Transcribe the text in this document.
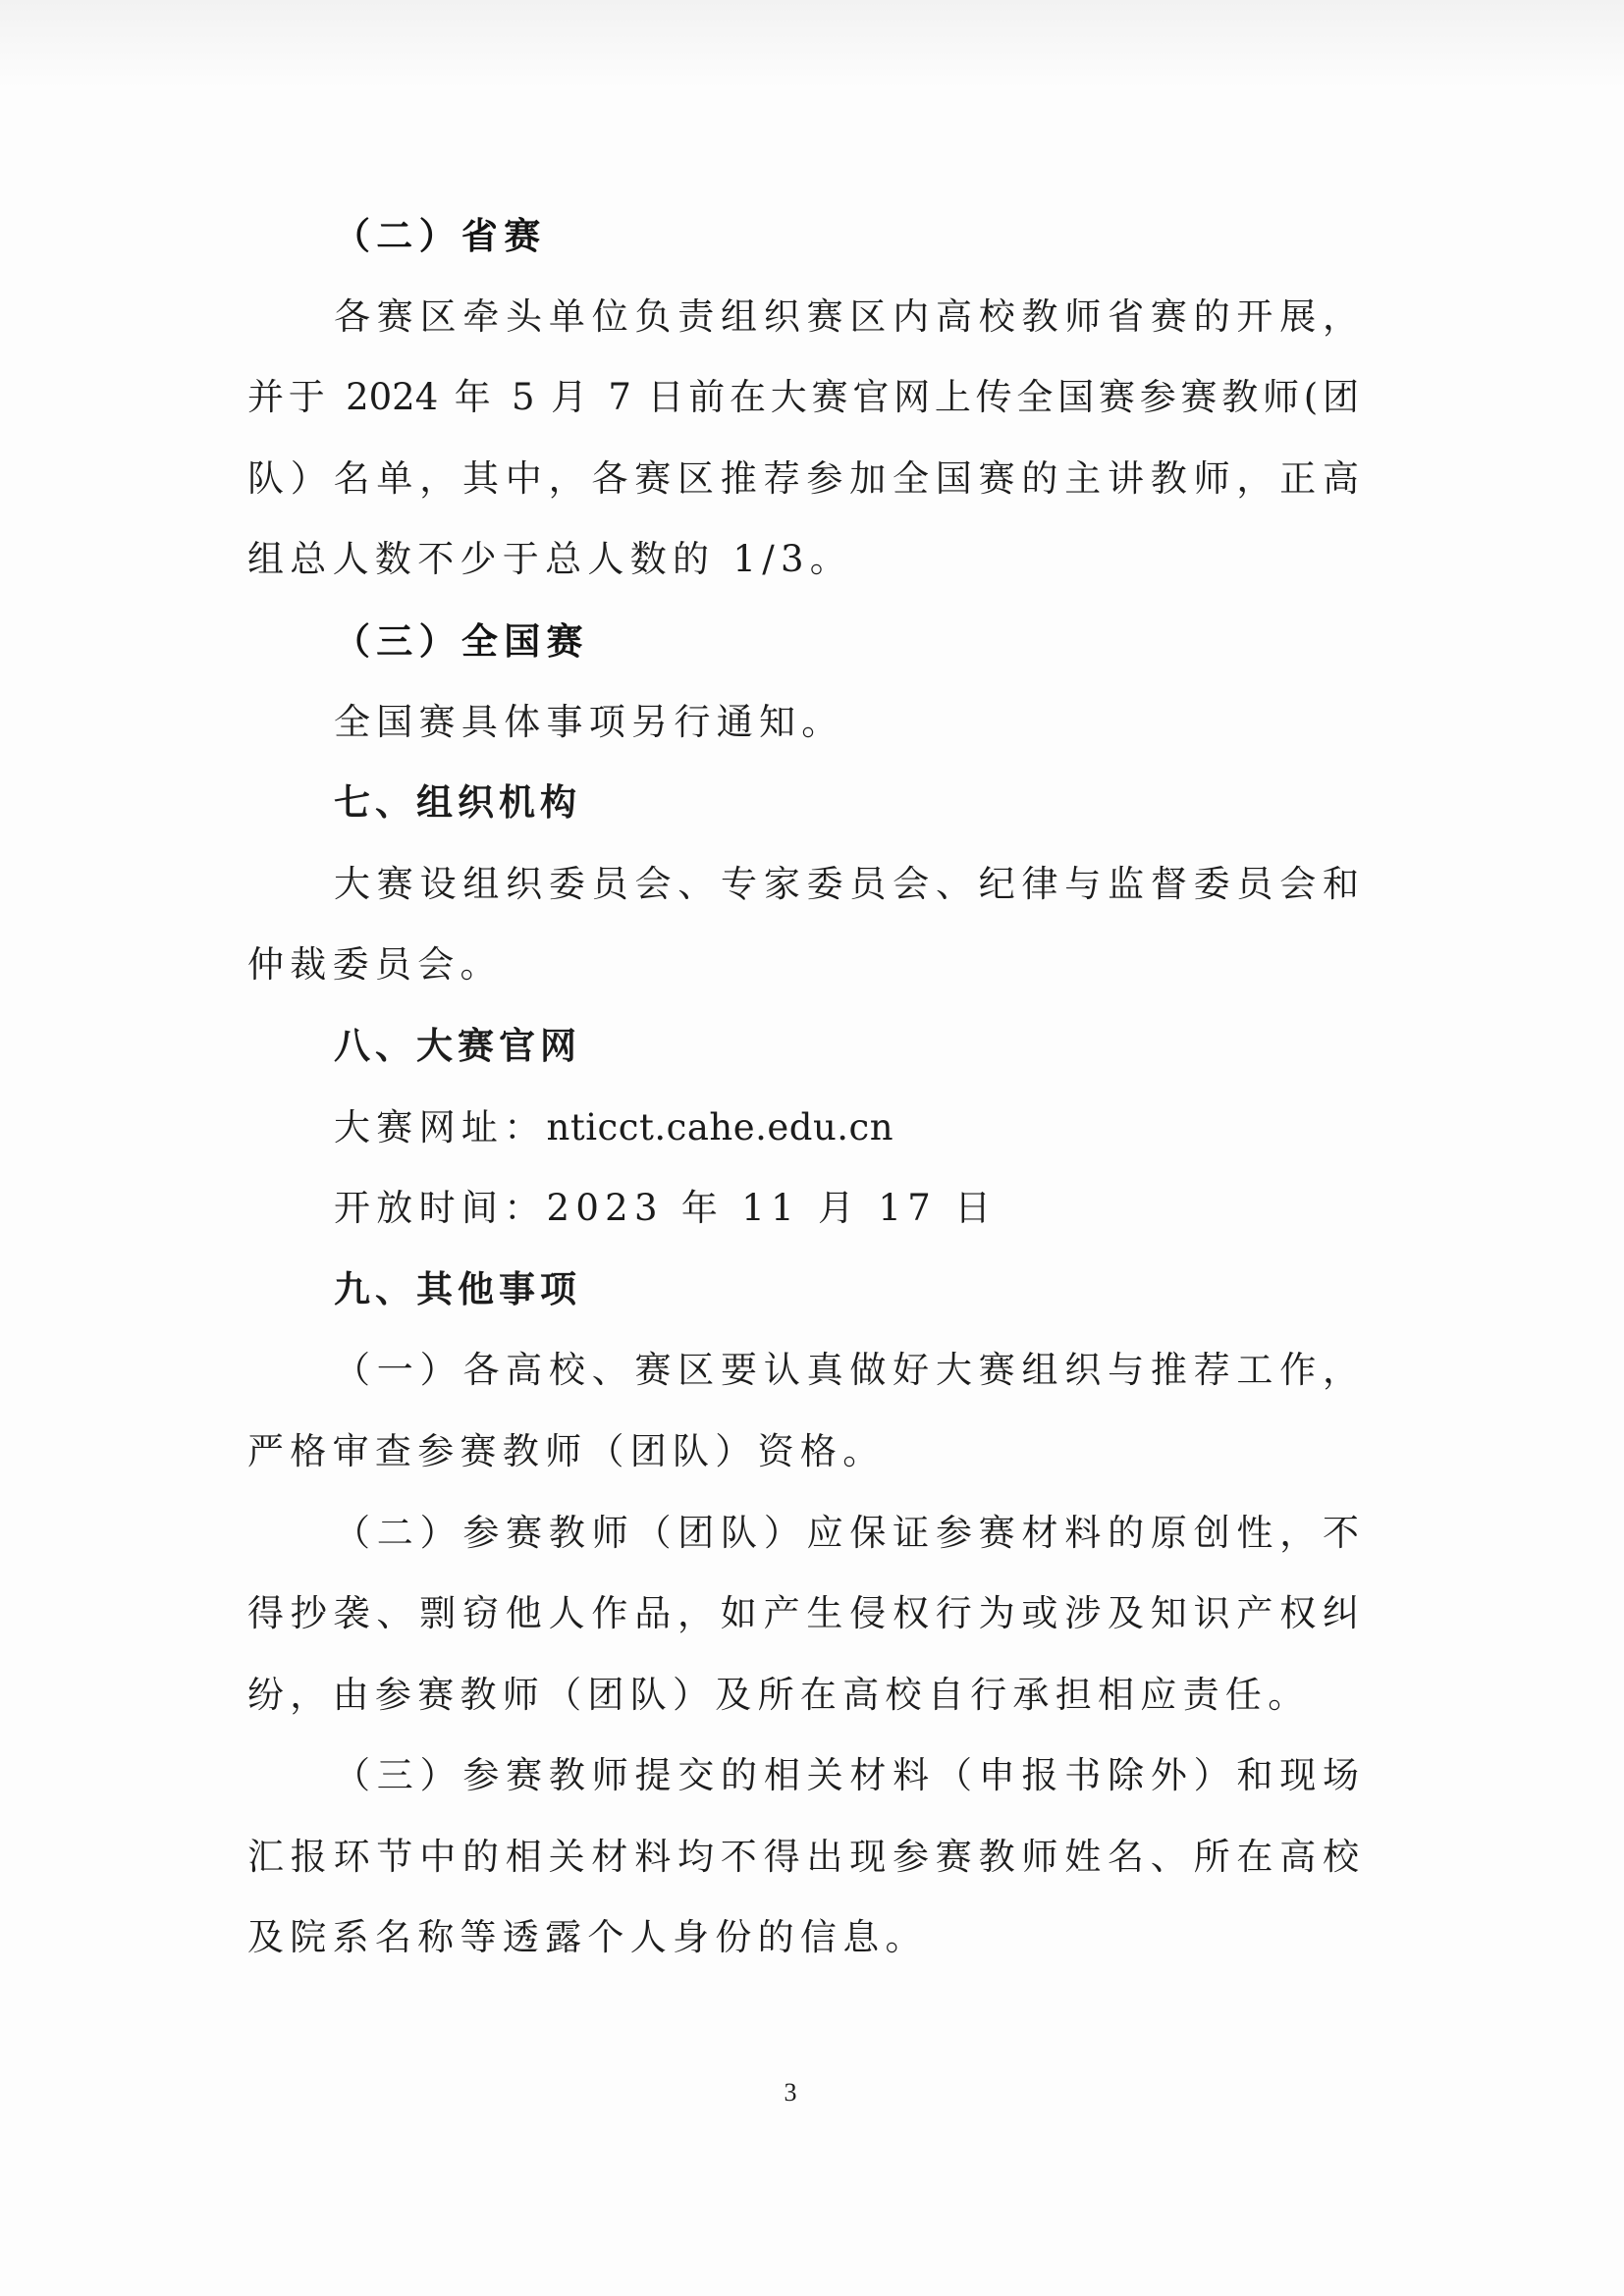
（二）省赛
各赛区牵头单位负责组织赛区内高校教师省赛的开展，
并于 2024 年 5 月 7 日前在大赛官网上传全国赛参赛教师(团
队）名单，其中，各赛区推荐参加全国赛的主讲教师，正高
组总人数不少于总人数的 1/3。
（三）全国赛
全国赛具体事项另行通知。
七、组织机构
大赛设组织委员会、专家委员会、纪律与监督委员会和
仲裁委员会。
八、大赛官网
大赛网址：nticct.cahe.edu.cn
开放时间：2023 年 11 月 17 日
九、其他事项
（一）各高校、赛区要认真做好大赛组织与推荐工作，
严格审查参赛教师（团队）资格。
（二）参赛教师（团队）应保证参赛材料的原创性，不
得抄袭、剽窃他人作品，如产生侵权行为或涉及知识产权纠
纷，由参赛教师（团队）及所在高校自行承担相应责任。
（三）参赛教师提交的相关材料（申报书除外）和现场
汇报环节中的相关材料均不得出现参赛教师姓名、所在高校
及院系名称等透露个人身份的信息。
3
